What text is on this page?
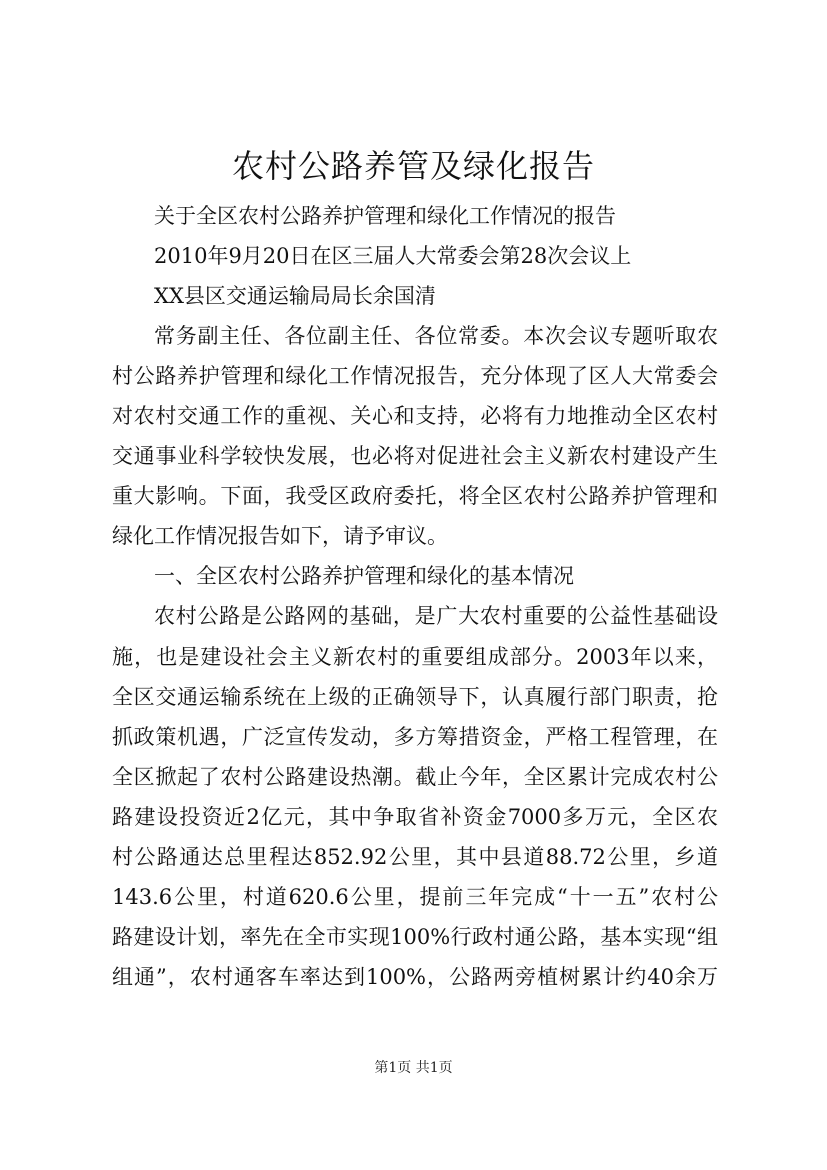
农村公路养管及绿化报告
关于全区农村公路养护管理和绿化工作情况的报告
2010年9月20日在区三届人大常委会第28次会议上
XX县区交通运输局局长余国清
常务副主任、各位副主任、各位常委。本次会议专题听取农
村公路养护管理和绿化工作情况报告，充分体现了区人大常委会
对农村交通工作的重视、关心和支持，必将有力地推动全区农村
交通事业科学较快发展，也必将对促进社会主义新农村建设产生
重大影响。下面，我受区政府委托，将全区农村公路养护管理和
绿化工作情况报告如下，请予审议。
一、全区农村公路养护管理和绿化的基本情况
农村公路是公路网的基础，是广大农村重要的公益性基础设
施，也是建设社会主义新农村的重要组成部分。2003年以来，
全区交通运输系统在上级的正确领导下，认真履行部门职责，抢
抓政策机遇，广泛宣传发动，多方筹措资金，严格工程管理，在
全区掀起了农村公路建设热潮。截止今年，全区累计完成农村公
路建设投资近2亿元，其中争取省补资金7000多万元，全区农
村公路通达总里程达852.92公里，其中县道88.72公里，乡道
143.6公里，村道620.6公里，提前三年完成“十一五”农村公
路建设计划，率先在全市实现100%行政村通公路，基本实现“组
组通”，农村通客车率达到100%，公路两旁植树累计约40余万
第1页 共1页
